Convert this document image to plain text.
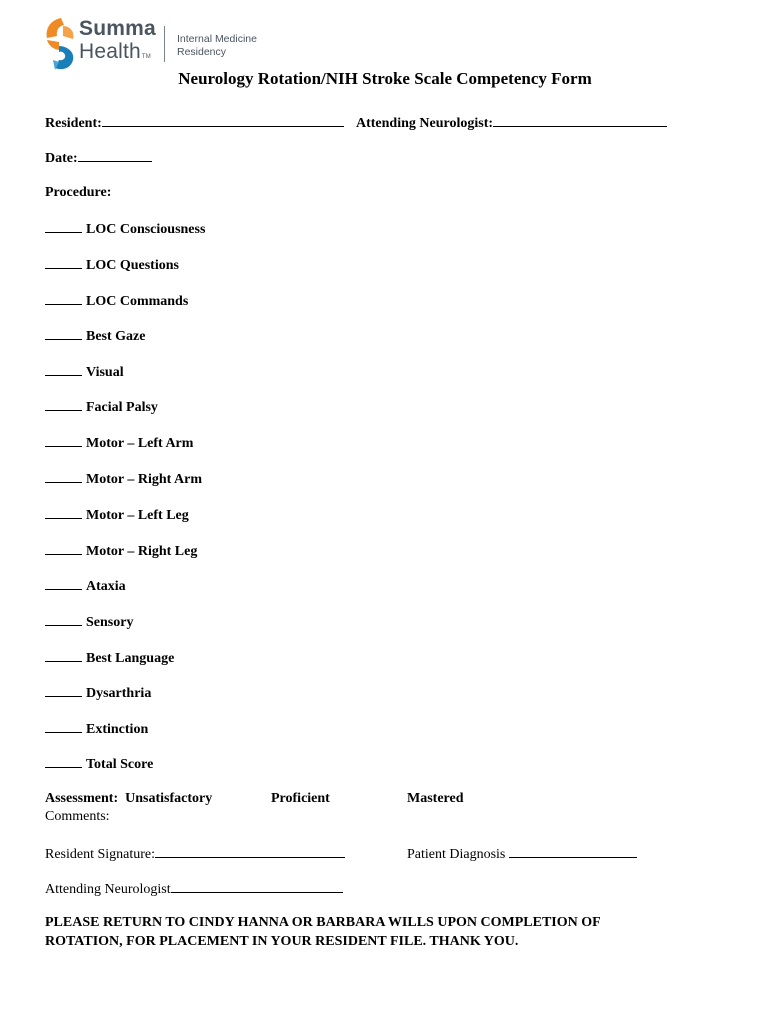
Summa
HealthTM
Internal Medicine
Residency
Neurology Rotation/NIH Stroke Scale Competency Form
Resident:	Attending Neurologist:
Date:
Procedure:
LOC Consciousness
LOC Questions
LOC Commands
Best Gaze
Visual
Facial Palsy
Motor – Left Arm
Motor – Right Arm
Motor – Left Leg
Motor – Right Leg
Ataxia
Sensory
Best Language
Dysarthria
Extinction
Total Score
Assessment: Unsatisfactory	Proficient	Mastered
Comments:
Resident Signature:	Patient Diagnosis
Attending Neurologist
PLEASE RETURN TO CINDY HANNA OR BARBARA WILLS UPON COMPLETION OF
ROTATION, FOR PLACEMENT IN YOUR RESIDENT FILE. THANK YOU.
